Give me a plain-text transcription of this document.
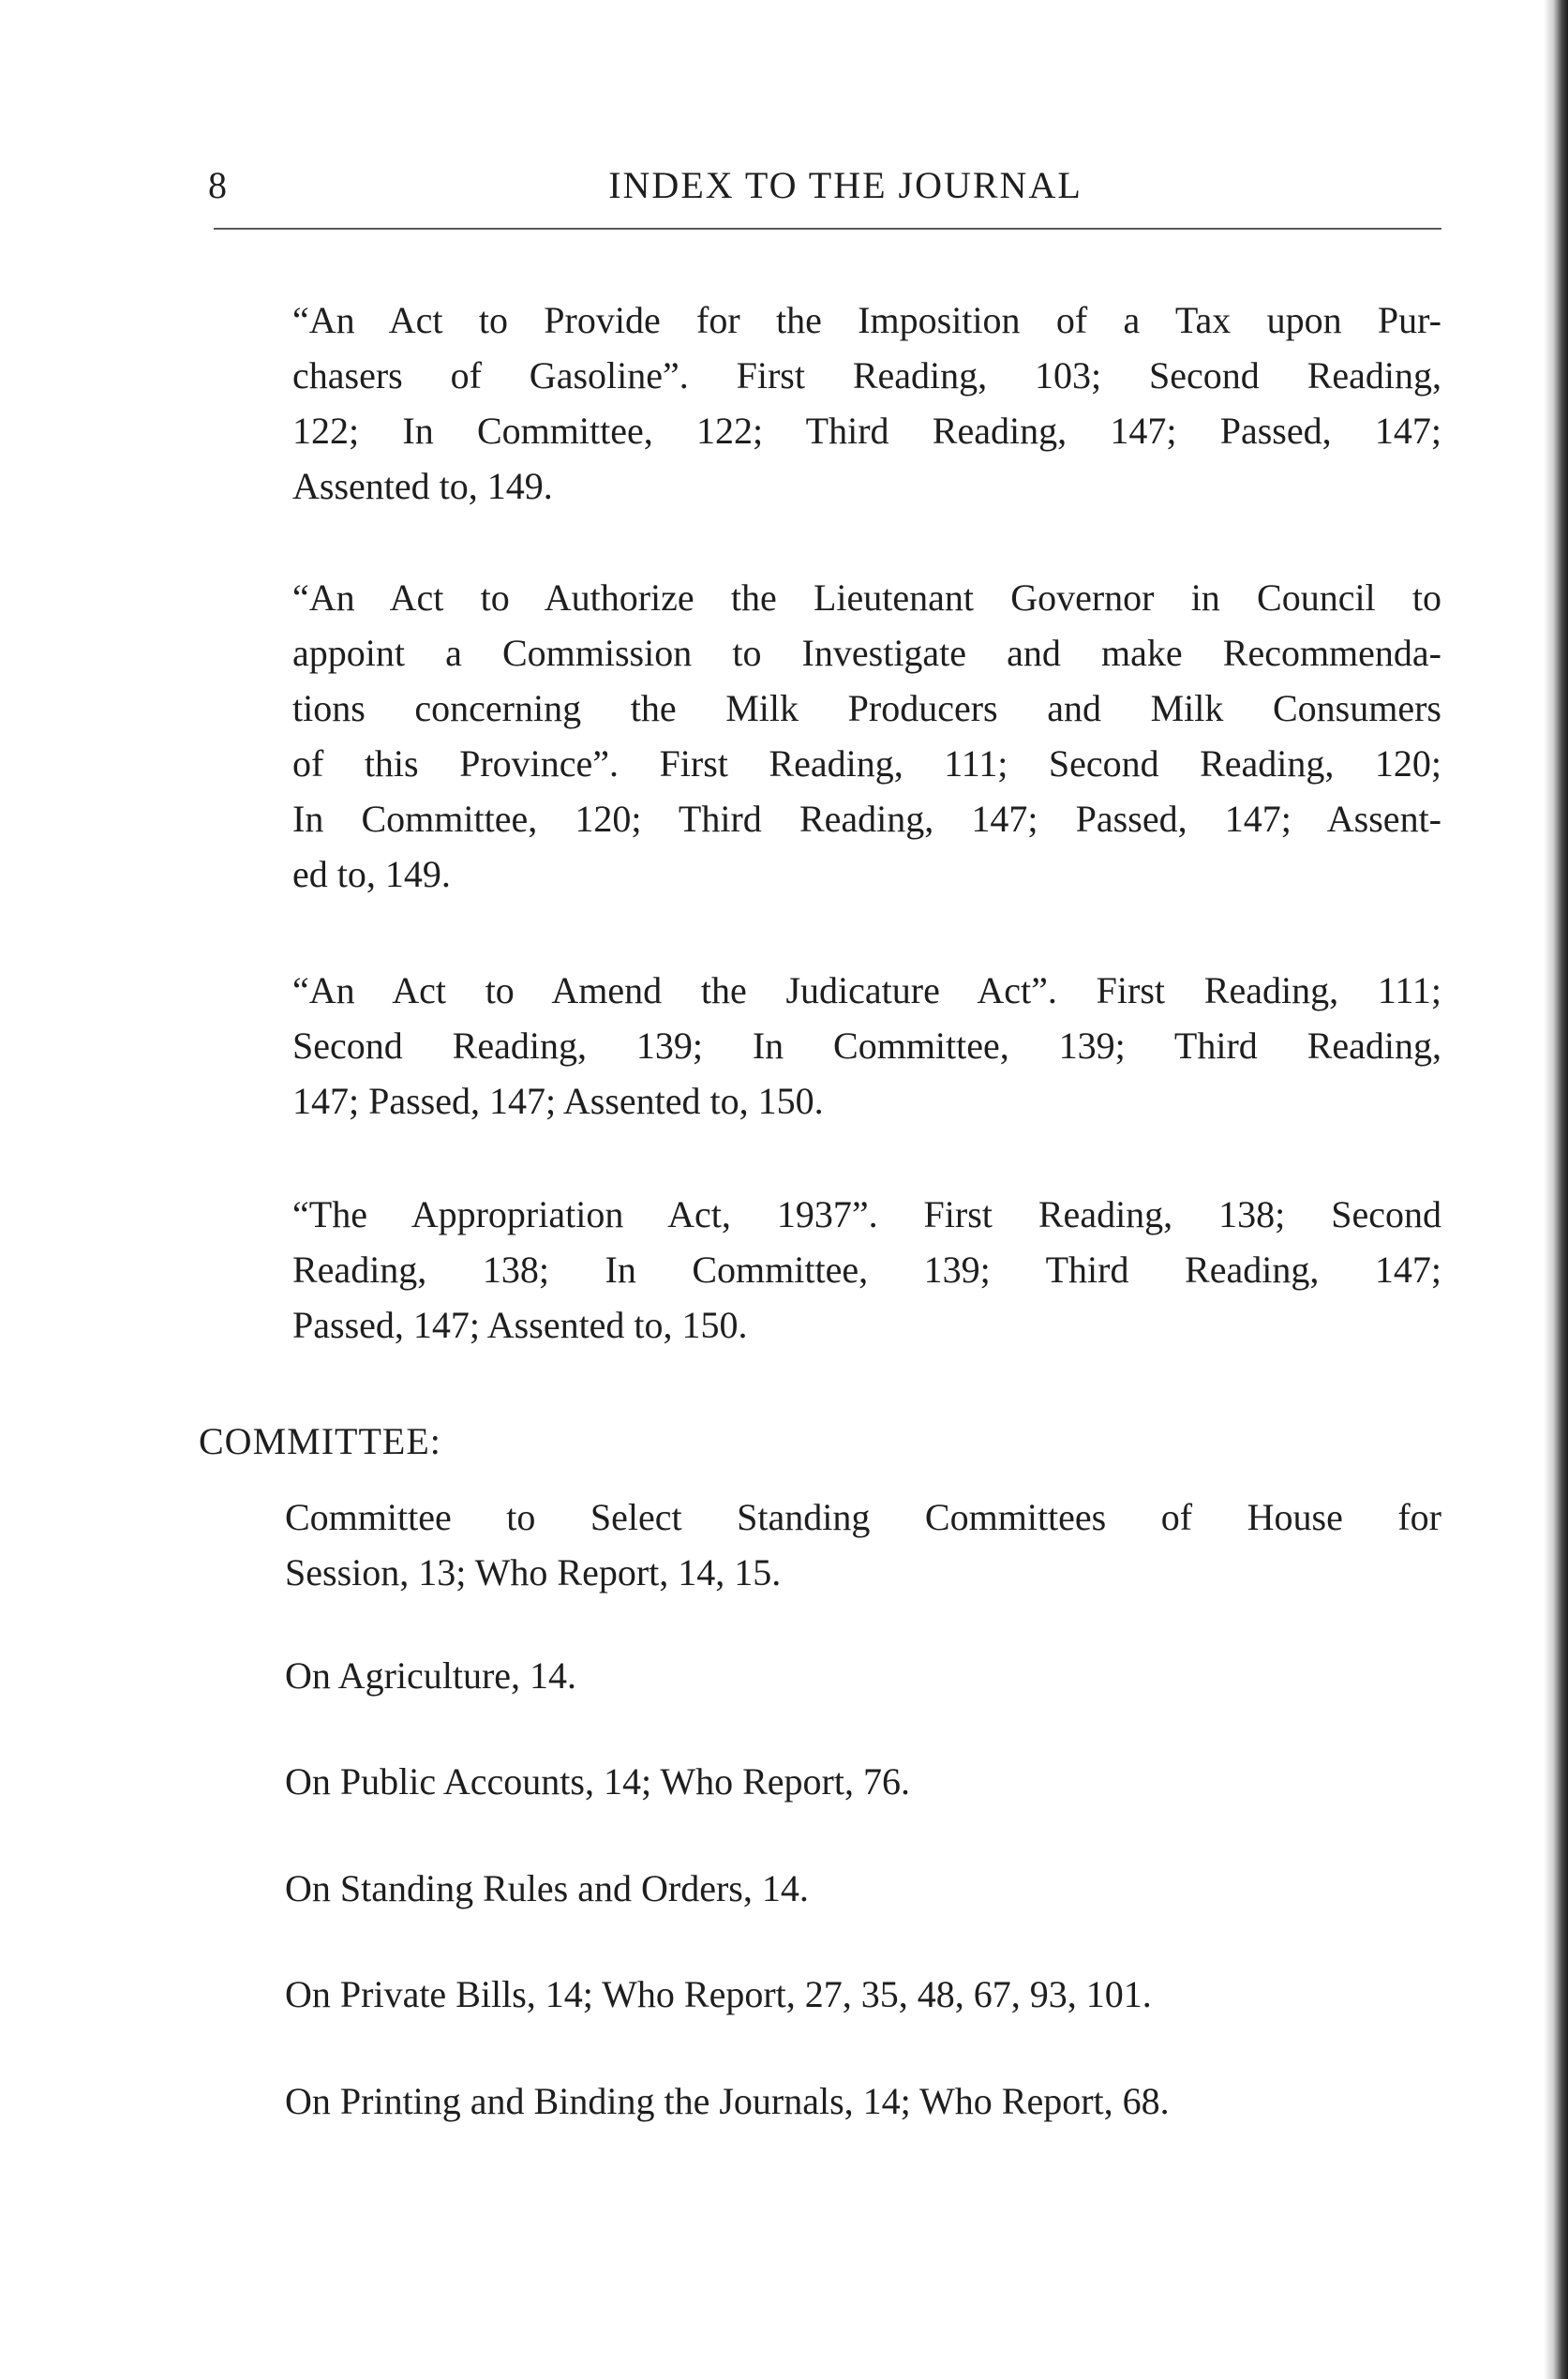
8	INDEX TO THE JOURNAL
“An Act to Provide for the Imposition of a Tax upon Pur-
chasers of Gasoline”. First Reading, 103; Second Reading,
122; In Committee, 122; Third Reading, 147; Passed, 147;
Assented to, 149.
“An Act to Authorize the Lieutenant Governor in Council to
appoint a Commission to Investigate and make Recommenda-
tions concerning the Milk Producers and Milk Consumers
of this Province”. First Reading, 111; Second Reading, 120;
In Committee, 120; Third Reading, 147; Passed, 147; Assent-
ed to, 149.
“An Act to Amend the Judicature Act”. First Reading, 111;
Second Reading, 139; In Committee, 139; Third Reading,
147; Passed, 147; Assented to, 150.
“The Appropriation Act, 1937”. First Reading, 138; Second
Reading, 138; In Committee, 139; Third Reading, 147;
Passed, 147; Assented to, 150.
COMMITTEE:
Committee to Select Standing Committees of House for
Session, 13; Who Report, 14, 15.
On Agriculture, 14.
On Public Accounts, 14; Who Report, 76.
On Standing Rules and Orders, 14.
On Private Bills, 14; Who Report, 27, 35, 48, 67, 93, 101.
On Printing and Binding the Journals, 14; Who Report, 68.
